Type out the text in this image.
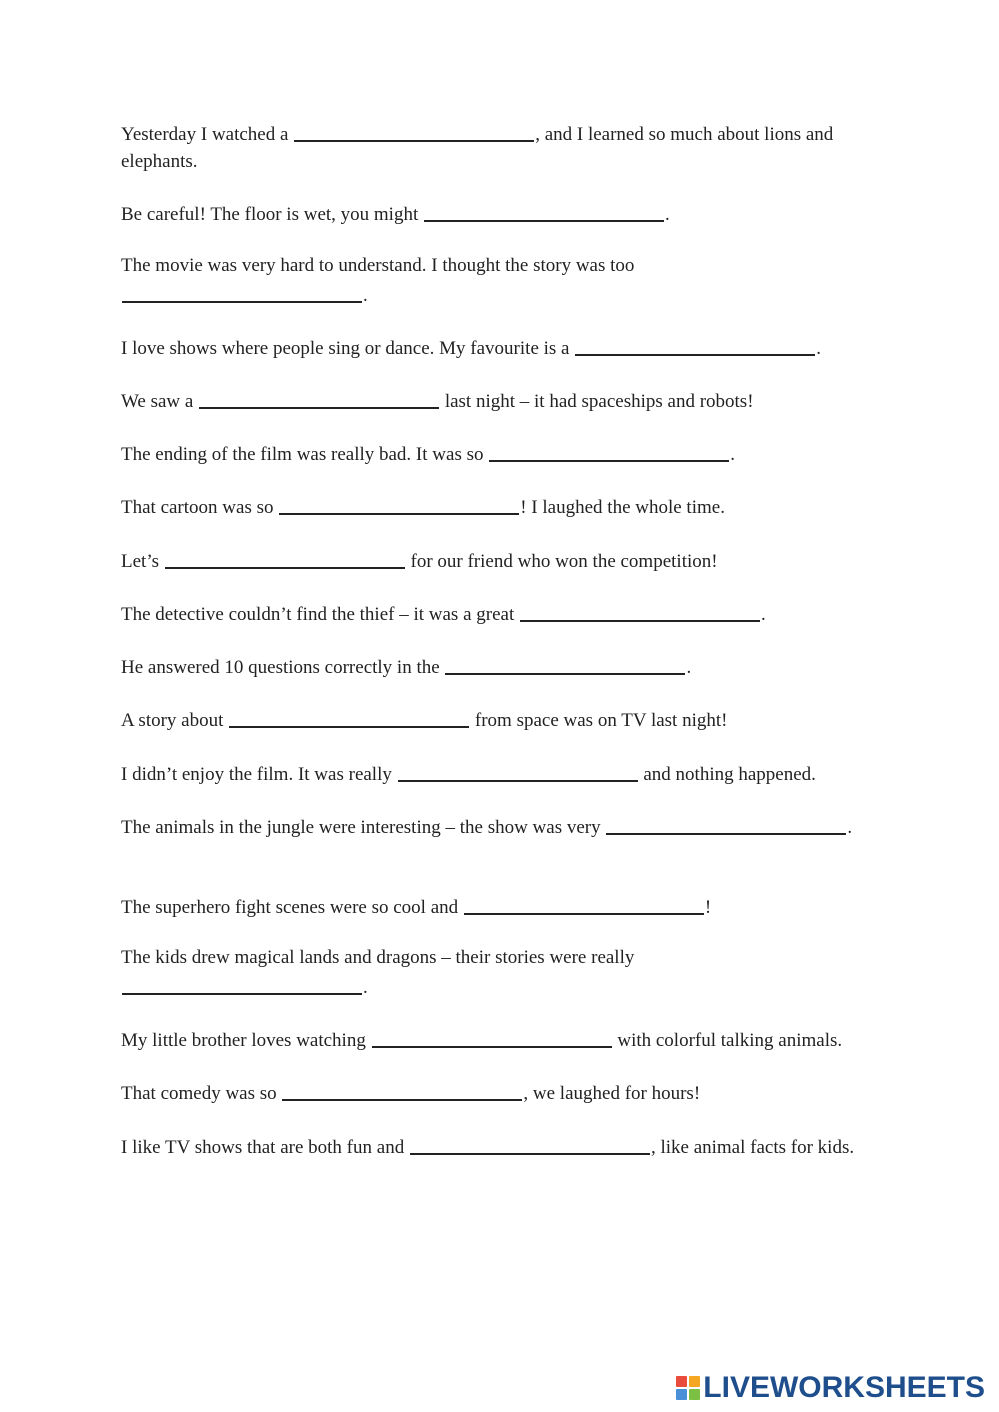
Yesterday I watched a	, and I learned so much about lions and elephants.

Be careful! The floor is wet, you might	.

The movie was very hard to understand. I thought the story was too .

I love shows where people sing or dance. My favourite is a	.

We saw a	last night – it had spaceships and robots!

The ending of the film was really bad. It was so	.

That cartoon was so	! I laughed the whole time.

Let’s	for our friend who won the competition!

The detective couldn’t find the thief – it was a great	.

He answered 10 questions correctly in the	.

A story about	from space was on TV last night!

I didn’t enjoy the film. It was really	and nothing happened.

The animals in the jungle were interesting – the show was very	.

The superhero fight scenes were so cool and	!

The kids drew magical lands and dragons – their stories were really .

My little brother loves watching	with colorful talking animals.

That comedy was so	, we laughed for hours!

I like TV shows that are both fun and	, like animal facts for kids.

LIVEWORKSHEETS
